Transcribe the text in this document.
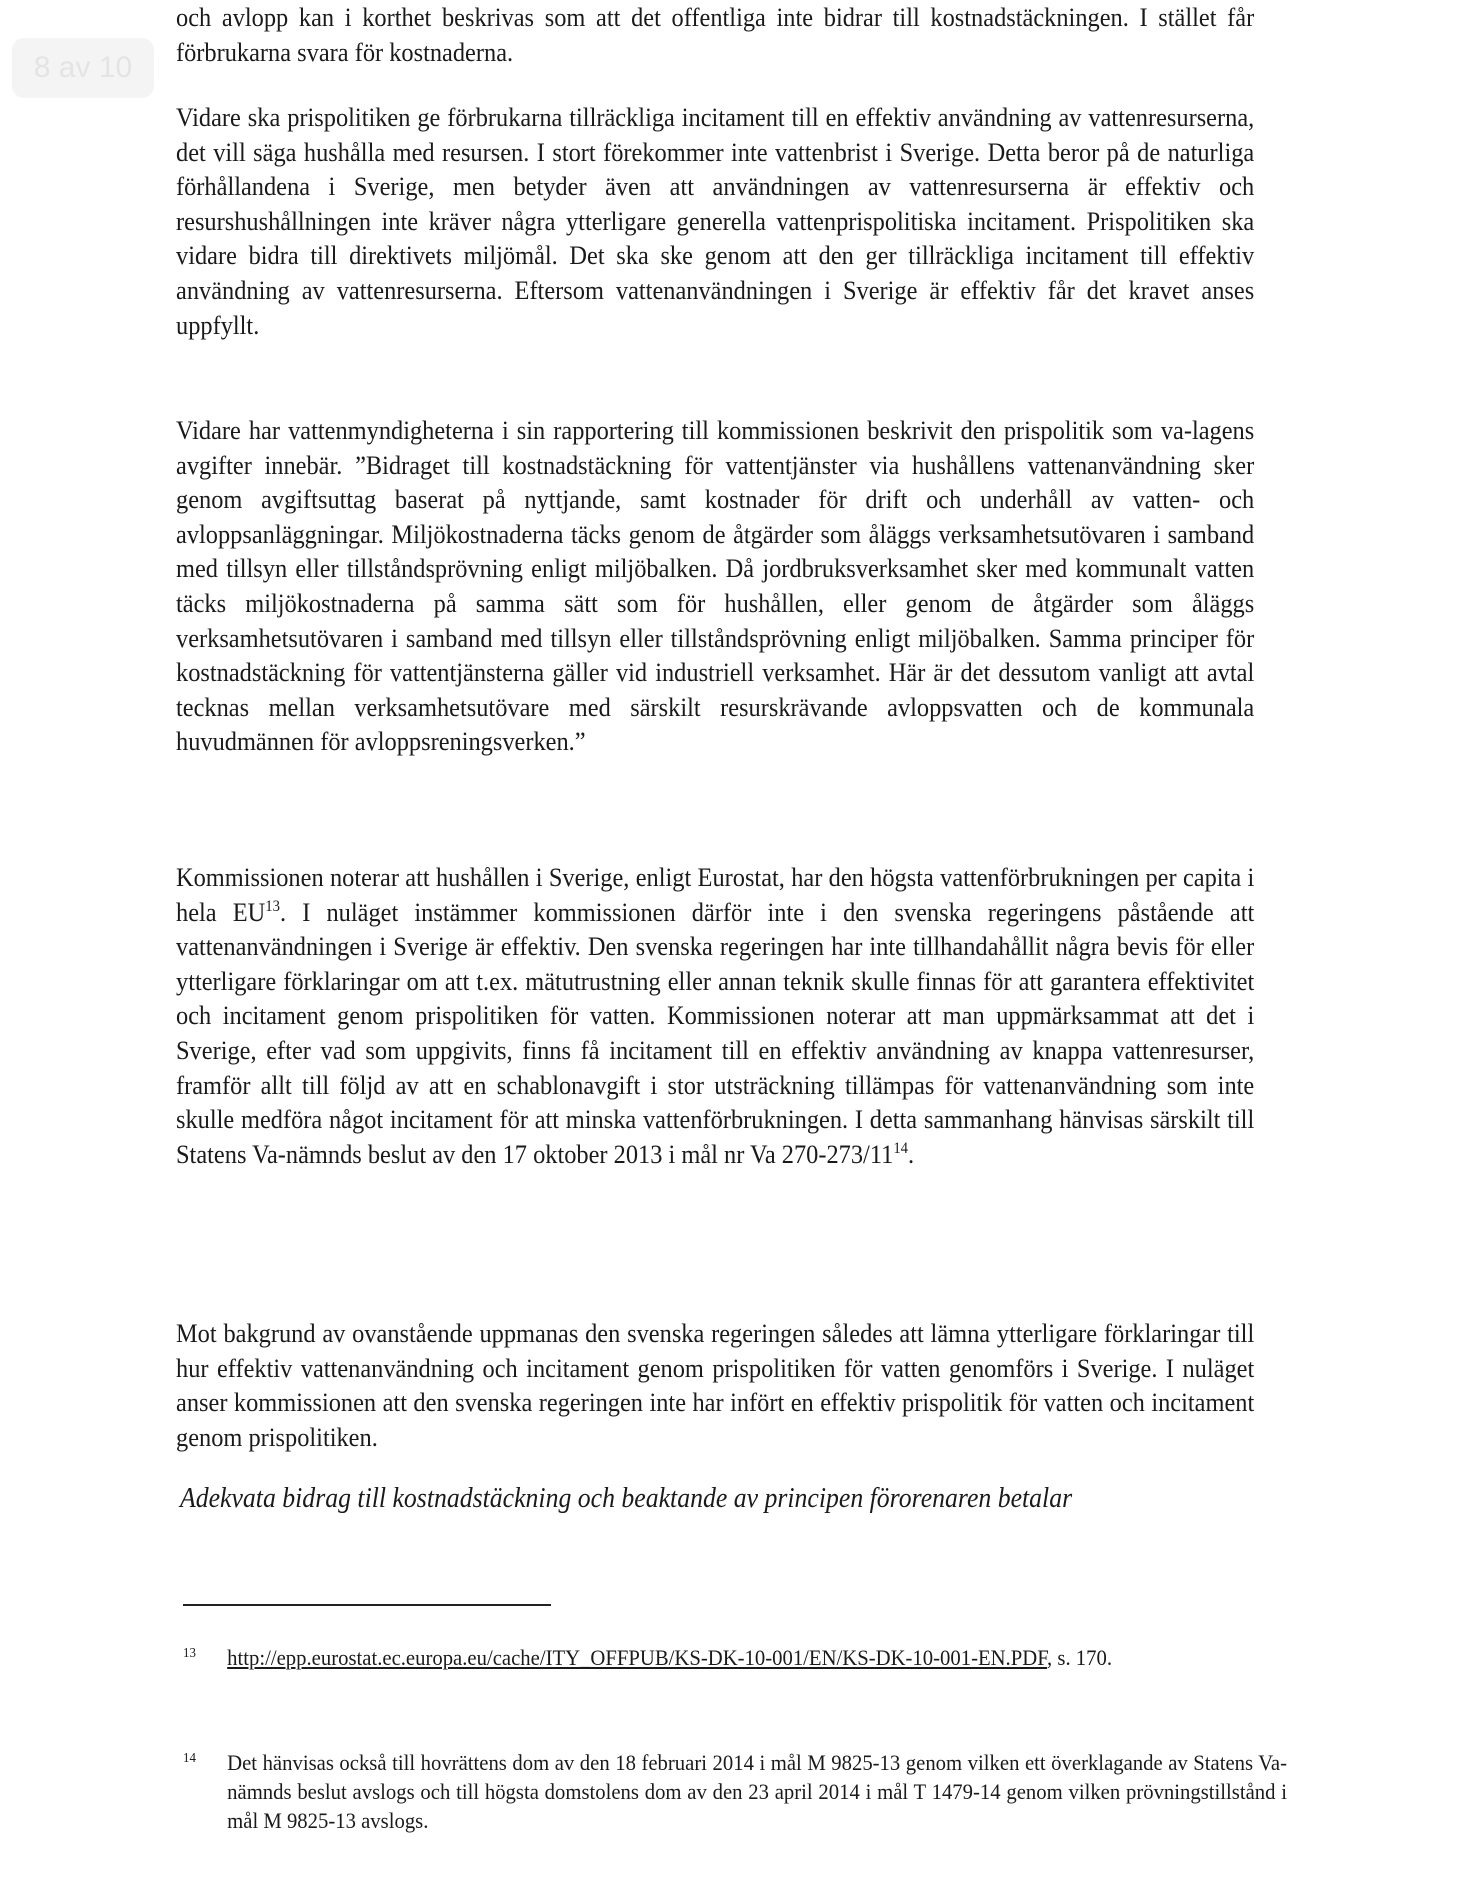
8 av 10

och avlopp kan i korthet beskrivas som att det offentliga inte bidrar till kostnadstäckningen. I stället får förbrukarna svara för kostnaderna.

Vidare ska prispolitiken ge förbrukarna tillräckliga incitament till en effektiv användning av vattenresurserna, det vill säga hushålla med resursen. I stort förekommer inte vattenbrist i Sverige. Detta beror på de naturliga förhållandena i Sverige, men betyder även att användningen av vattenresurserna är effektiv och resurshushållningen inte kräver några ytterligare generella vattenprispolitiska incitament. Prispolitiken ska vidare bidra till direktivets miljömål. Det ska ske genom att den ger tillräckliga incitament till effektiv användning av vattenresurserna. Eftersom vattenanvändningen i Sverige är effektiv får det kravet anses uppfyllt.

Vidare har vattenmyndigheterna i sin rapportering till kommissionen beskrivit den prispolitik som va-lagens avgifter innebär. ”Bidraget till kostnadstäckning för vattentjänster via hushållens vattenanvändning sker genom avgiftsuttag baserat på nyttjande, samt kostnader för drift och underhåll av vatten- och avloppsanläggningar. Miljökostnaderna täcks genom de åtgärder som åläggs verksamhetsutövaren i samband med tillsyn eller tillståndsprövning enligt miljöbalken. Då jordbruksverksamhet sker med kommunalt vatten täcks miljökostnaderna på samma sätt som för hushållen, eller genom de åtgärder som åläggs verksamhetsutövaren i samband med tillsyn eller tillståndsprövning enligt miljöbalken. Samma principer för kostnadstäckning för vattentjänsterna gäller vid industriell verksamhet. Här är det dessutom vanligt att avtal tecknas mellan verksamhetsutövare med särskilt resurskrävande avloppsvatten och de kommunala huvudmännen för avloppsreningsverken.”

Kommissionen noterar att hushållen i Sverige, enligt Eurostat, har den högsta vattenförbrukningen per capita i hela EU$^{13}$. I nuläget instämmer kommissionen därför inte i den svenska regeringens påstående att vattenanvändningen i Sverige är effektiv. Den svenska regeringen har inte tillhandahållit några bevis för eller ytterligare förklaringar om att t.ex. mätutrustning eller annan teknik skulle finnas för att garantera effektivitet och incitament genom prispolitiken för vatten. Kommissionen noterar att man uppmärksammat att det i Sverige, efter vad som uppgivits, finns få incitament till en effektiv användning av knappa vattenresurser, framför allt till följd av att en schablonavgift i stor utsträckning tillämpas för vattenanvändning som inte skulle medföra något incitament för att minska vattenförbrukningen. I detta sammanhang hänvisas särskilt till Statens Va-nämnds beslut av den 17 oktober 2013 i mål nr Va $270-273/11^{14}$.

Mot bakgrund av ovanstående uppmanas den svenska regeringen således att lämna ytterligare förklaringar till hur effektiv vattenanvändning och incitament genom prispolitiken för vatten genomförs i Sverige. I nuläget anser kommissionen att den svenska regeringen inte har infört en effektiv prispolitik för vatten och incitament genom prispolitiken.

Adekvata bidrag till kostnadstäckning och beaktande av principen förorenaren betalar
13 http://epp.eurostat.ec.europa.eu/cache/ITY_OFFPUB/KS-DK-10-001/EN/KS-DK-10-001-EN.PDF, s. 170.
14 Det hänvisas också till hovrättens dom av den 18 februari 2014 i mål M 9825-13 genom vilken ett överklagande av Statens Va-nämnds beslut avslogs och till högsta domstolens dom av den 23 april 2014 i mål T 1479-14 genom vilken prövningstillstånd i mål M 9825-13 avslogs.
